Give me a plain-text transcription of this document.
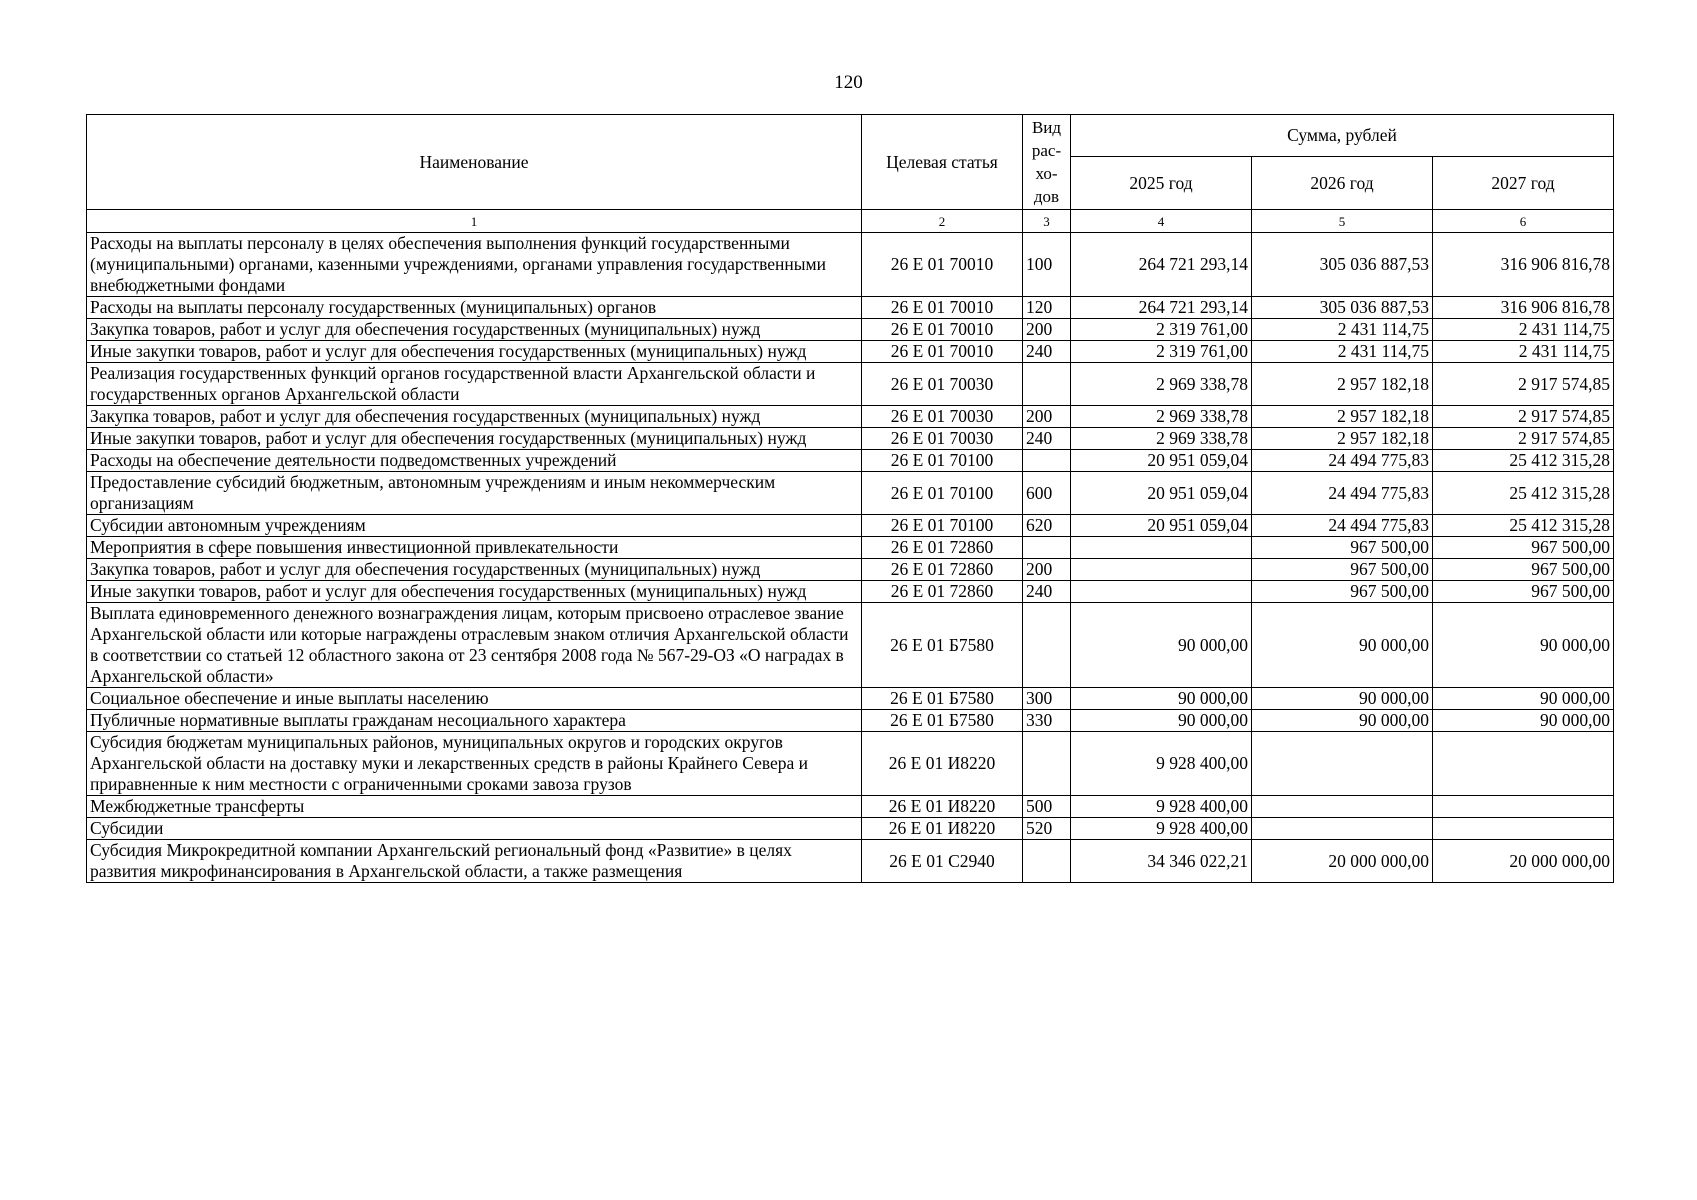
120
Наименование	Целевая статья	Вид рас-хо-дов	Сумма, рублей		
			2025 год	2026 год	2027 год
1	2	3	4	5	6
Расходы на выплаты персоналу в целях обеспечения выполнения функций государственными (муниципальными) органами, казенными учреждениями, органами управления государственными внебюджетными фондами	26 Е 01 70010	100	264 721 293,14	305 036 887,53	316 906 816,78
Расходы на выплаты персоналу государственных (муниципальных) органов	26 Е 01 70010	120	264 721 293,14	305 036 887,53	316 906 816,78
Закупка товаров, работ и услуг для обеспечения государственных (муниципальных) нужд	26 Е 01 70010	200	2 319 761,00	2 431 114,75	2 431 114,75
Иные закупки товаров, работ и услуг для обеспечения государственных (муниципальных) нужд	26 Е 01 70010	240	2 319 761,00	2 431 114,75	2 431 114,75
Реализация государственных функций органов государственной власти Архангельской области и государственных органов Архангельской области	26 Е 01 70030		2 969 338,78	2 957 182,18	2 917 574,85
Закупка товаров, работ и услуг для обеспечения государственных (муниципальных) нужд	26 Е 01 70030	200	2 969 338,78	2 957 182,18	2 917 574,85
Иные закупки товаров, работ и услуг для обеспечения государственных (муниципальных) нужд	26 Е 01 70030	240	2 969 338,78	2 957 182,18	2 917 574,85
Расходы на обеспечение деятельности подведомственных учреждений	26 Е 01 70100		20 951 059,04	24 494 775,83	25 412 315,28
Предоставление субсидий бюджетным, автономным учреждениям и иным некоммерческим организациям	26 Е 01 70100	600	20 951 059,04	24 494 775,83	25 412 315,28
Субсидии автономным учреждениям	26 Е 01 70100	620	20 951 059,04	24 494 775,83	25 412 315,28
Мероприятия в сфере повышения инвестиционной привлекательности	26 Е 01 72860			967 500,00	967 500,00
Закупка товаров, работ и услуг для обеспечения государственных (муниципальных) нужд	26 Е 01 72860	200		967 500,00	967 500,00
Иные закупки товаров, работ и услуг для обеспечения государственных (муниципальных) нужд	26 Е 01 72860	240		967 500,00	967 500,00
Выплата единовременного денежного вознаграждения лицам, которым присвоено отраслевое звание Архангельской области или которые награждены отраслевым знаком отличия Архангельской области в соответствии со статьей 12 областного закона от 23 сентября 2008 года № 567-29-ОЗ «О наградах в Архангельской области»	26 Е 01 Б7580		90 000,00	90 000,00	90 000,00
Социальное обеспечение и иные выплаты населению	26 Е 01 Б7580	300	90 000,00	90 000,00	90 000,00
Публичные нормативные выплаты гражданам несоциального характера	26 Е 01 Б7580	330	90 000,00	90 000,00	90 000,00
Субсидия бюджетам муниципальных районов, муниципальных округов и городских округов Архангельской области на доставку муки и лекарственных средств в районы Крайнего Севера и приравненные к ним местности с ограниченными сроками завоза грузов	26 Е 01 И8220		9 928 400,00		
Межбюджетные трансферты	26 Е 01 И8220	500	9 928 400,00		
Субсидии	26 Е 01 И8220	520	9 928 400,00		
Субсидия Микрокредитной компании Архангельский региональный фонд «Развитие» в целях развития микрофинансирования в Архангельской области, а также размещения	26 Е 01 С2940		34 346 022,21	20 000 000,00	20 000 000,00
